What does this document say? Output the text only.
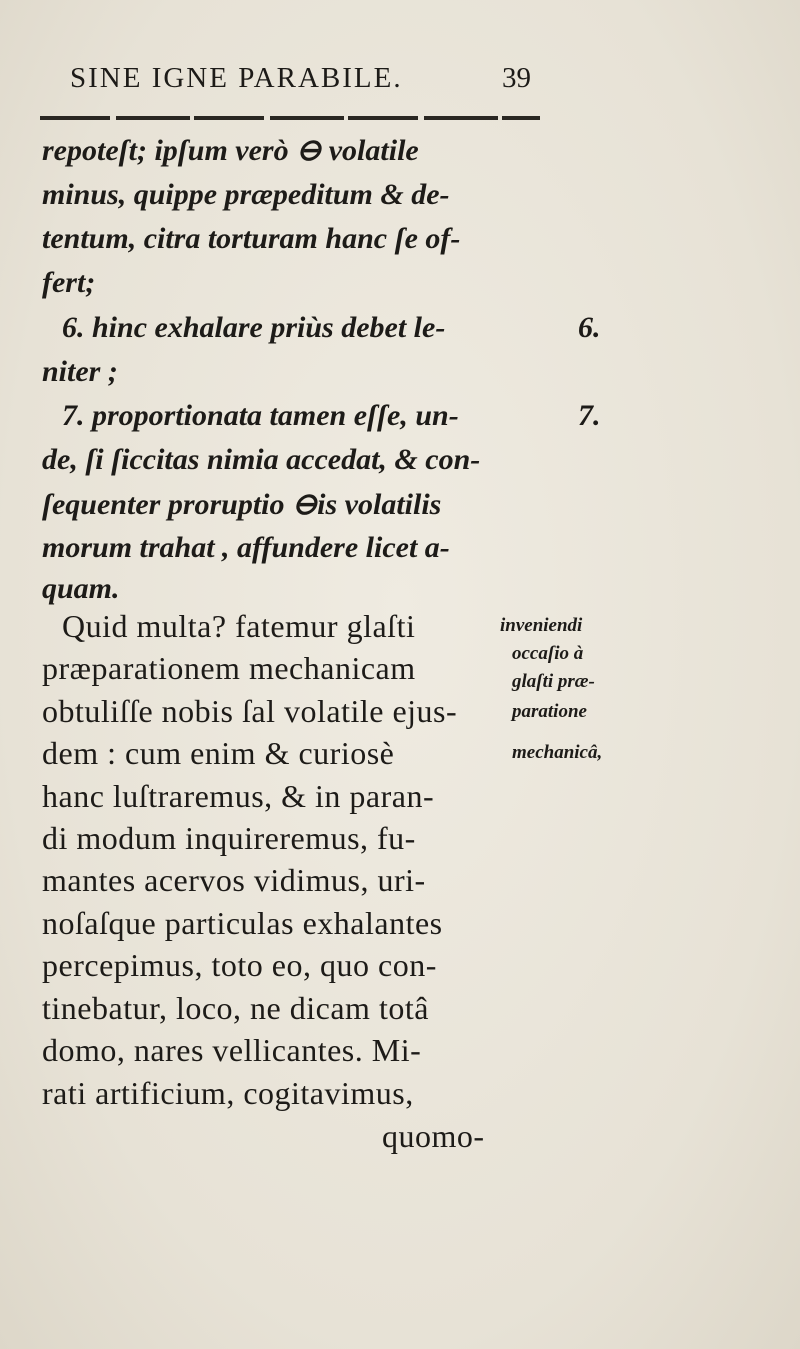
SINE IGNE PARABILE.	39
repoteſt; ipſum verò ⊖ volatile
minus, quippe præpeditum & de-
tentum, citra torturam hanc ſe of-
fert;
6. hinc exhalare priùs debet le-
niter ;
7. proportionata tamen eſſe, un-
de, ſi ſiccitas nimia accedat, & con-
ſequenter proruptio ⊖is volatilis
morum trahat , affundere licet a-
quam.
6.
7.
Quid multa? fatemur glaſti
præparationem mechanicam
obtuliſſe nobis ſal volatile ejus-
dem : cum enim & curiosè
hanc luſtraremus, & in paran-
di modum inquireremus, fu-
mantes acervos vidimus, uri-
noſaſque particulas exhalantes
percepimus, toto eo, quo con-
tinebatur, loco, ne dicam totâ
domo, nares vellicantes. Mi-
rati artificium, cogitavimus,
quomo-
inveniendi
occaſio à
glaſti præ-
paratione
mechanicâ,
